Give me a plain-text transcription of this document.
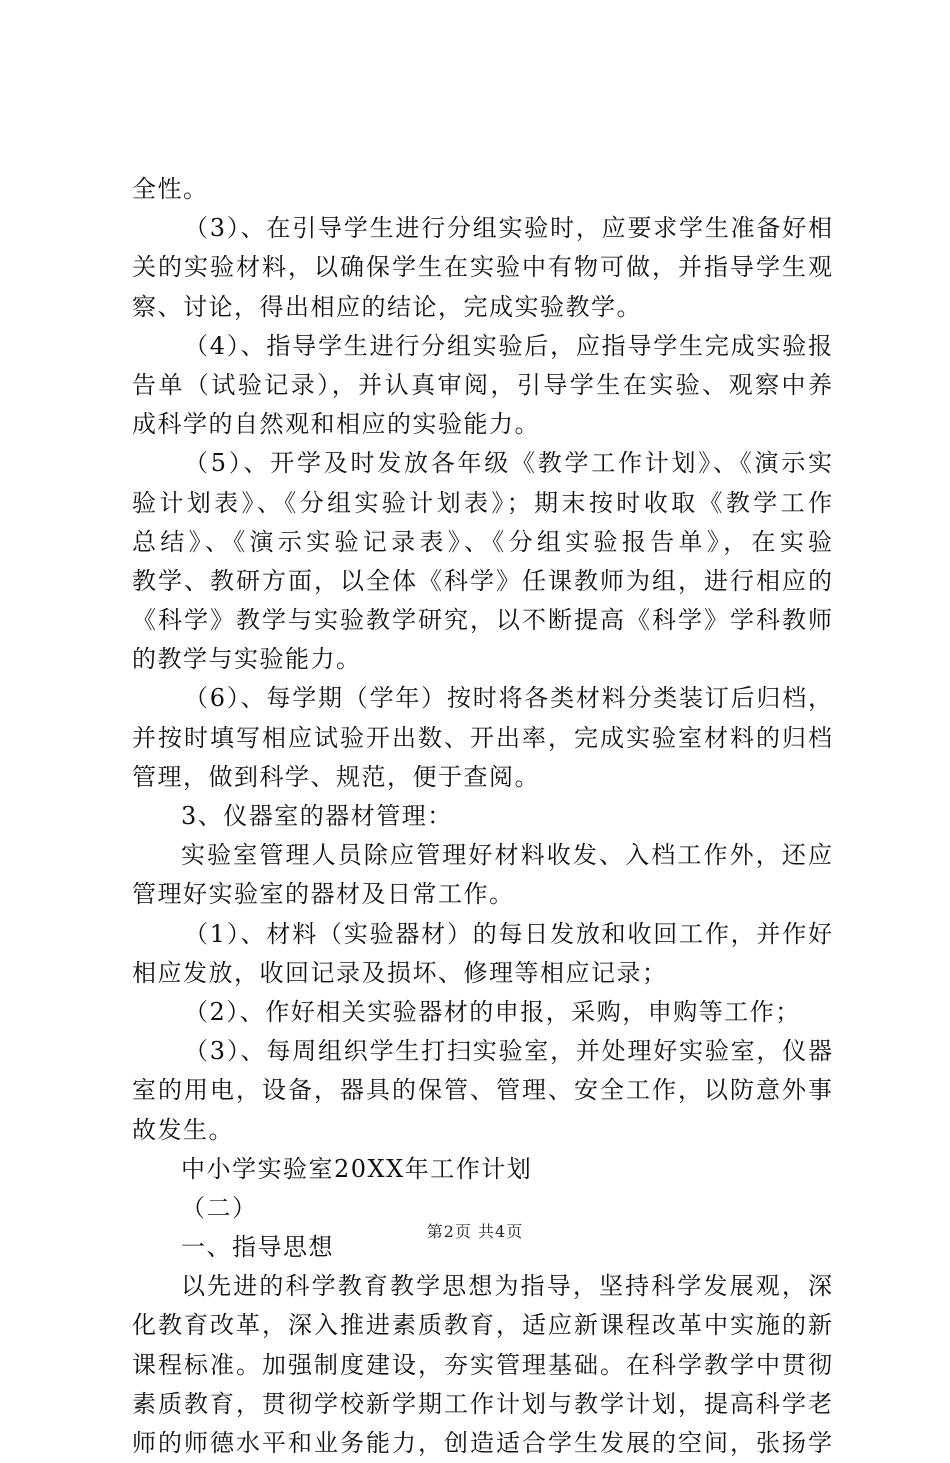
全性。
（3）、在引导学生进行分组实验时，应要求学生准备好相
关的实验材料，以确保学生在实验中有物可做，并指导学生观
察、讨论，得出相应的结论，完成实验教学。
（4）、指导学生进行分组实验后，应指导学生完成实验报
告单（试验记录），并认真审阅，引导学生在实验、观察中养
成科学的自然观和相应的实验能力。
（5）、开学及时发放各年级《教学工作计划》、《演示实
验计划表》、《分组实验计划表》；期末按时收取《教学工作
总结》、《演示实验记录表》、《分组实验报告单》，在实验
教学、教研方面，以全体《科学》任课教师为组，进行相应的
《科学》教学与实验教学研究，以不断提高《科学》学科教师
的教学与实验能力。
（6）、每学期（学年）按时将各类材料分类装订后归档，
并按时填写相应试验开出数、开出率，完成实验室材料的归档
管理，做到科学、规范，便于查阅。
3、仪器室的器材管理：
实验室管理人员除应管理好材料收发、入档工作外，还应
管理好实验室的器材及日常工作。
（1）、材料（实验器材）的每日发放和收回工作，并作好
相应发放，收回记录及损坏、修理等相应记录；
（2）、作好相关实验器材的申报，采购，申购等工作；
（3）、每周组织学生打扫实验室，并处理好实验室，仪器
室的用电，设备，器具的保管、管理、安全工作，以防意外事
故发生。
中小学实验室20XX年工作计划
（二）
一、指导思想
以先进的科学教育教学思想为指导，坚持科学发展观，深
化教育改革，深入推进素质教育，适应新课程改革中实施的新
课程标准。加强制度建设，夯实管理基础。在科学教学中贯彻
素质教育，贯彻学校新学期工作计划与教学计划，提高科学老
师的师德水平和业务能力，创造适合学生发展的空间，张扬学
第2页 共4页
